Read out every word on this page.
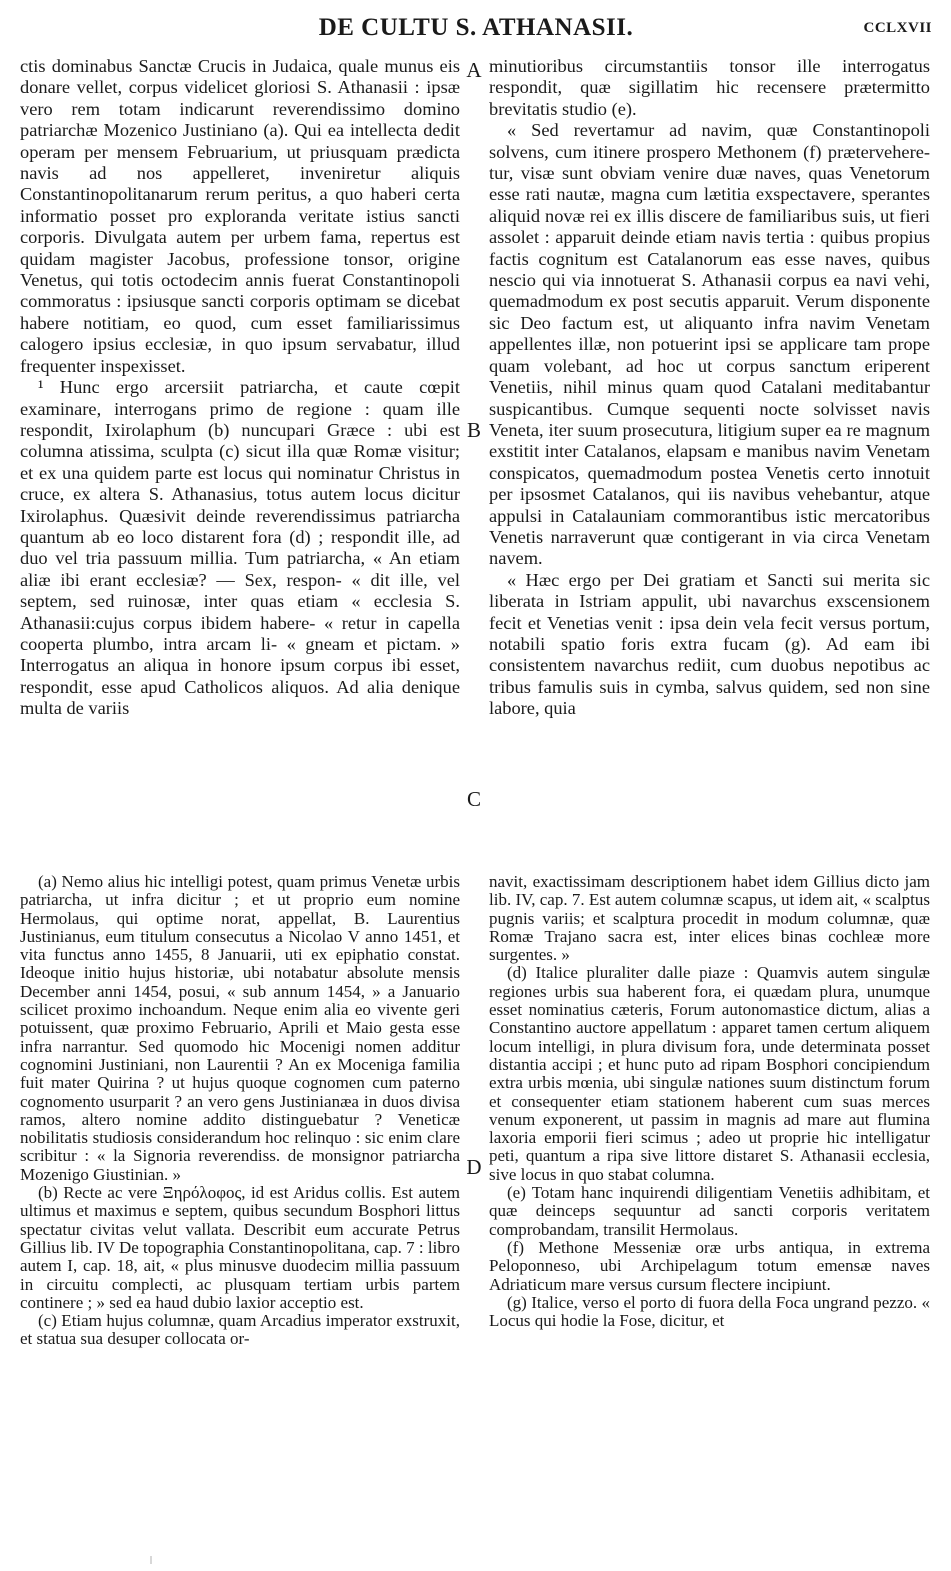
DE CULTU S. ATHANASII.	CCLXVII

ctis dominabus Sanctæ Crucis in Judaica, quale munus eis donare vellet, corpus videlicet gloriosi S. Athanasii : ipsæ vero rem totam indicarunt reverendissimo domino patriarchæ Mozenico Justiniano (a). Qui ea intellecta dedit operam per mensem Februarium, ut priusquam prædicta navis ad nos appelleret, inveniretur aliquis Constantinopolitanarum rerum peritus, a quo haberi certa informatio posset pro exploranda veritate istius sancti corporis. Divulgata autem per urbem fama, repertus est quidam magister Jacobus, professione tonsor, origine Venetus, qui totis octodecim annis fuerat Constantinopoli commoratus : ipsiusque sancti corporis optimam se dicebat habere notitiam, eo quod, cum esset familiarissimus calogero ipsius ecclesiæ, in quo ipsum servabatur, illud frequenter inspexisset.

¹ Hunc ergo arcersiit patriarcha, et caute cœpit examinare, interrogans primo de regione : quam ille respondit, Ixirolaphum (b) nuncupari Græce : ubi est columna atissima, sculpta (c) sicut illa quæ Romæ visitur; et ex una quidem parte est locus qui nominatur Christus in cruce, ex altera S. Athanasius, totus autem locus dicitur Ixirolaphus. Quæsivit deinde reverendissimus patriarcha quantum ab eo loco distarent fora (d) ; respondit ille, ad duo vel tria passuum millia. Tum patriarcha, « An etiam aliæ ibi erant ecclesiæ? — Sex, respon- « dit ille, vel septem, sed ruinosæ, inter quas etiam « ecclesia S. Athanasii:cujus corpus ibidem habere- « retur in capella cooperta plumbo, intra arcam li- « gneam et pictam. » Interrogatus an aliqua in honore ipsum corpus ibi esset, respondit, esse apud Catholicos aliquos. Ad alia denique multa de variis

minutioribus circumstantiis tonsor ille interrogatus respondit, quæ sigillatim hic recensere prætermitto brevitatis studio (e).

« Sed revertamur ad navim, quæ Constantinopoli solvens, cum itinere prospero Methonem (f) præterveheretur, visæ sunt obviam venire duæ naves, quas Venetorum esse rati nautæ, magna cum lætitia exspectavere, sperantes aliquid novæ rei ex illis discere de familiaribus suis, ut fieri assolet : apparuit deinde etiam navis tertia : quibus propius factis cognitum est Catalanorum eas esse naves, quibus nescio qui via innotuerat S. Athanasii corpus ea navi vehi, quemadmodum ex post secutis apparuit. Verum disponente sic Deo factum est, ut aliquanto infra navim Venetam appellentes illæ, non potuerint ipsi se applicare tam prope quam volebant, ad hoc ut corpus sanctum eriperent Venetiis, nihil minus quam quod Catalani meditabantur suspicantibus. Cumque sequenti nocte solvisset navis Veneta, iter suum prosecutura, litigium super ea re magnum exstitit inter Catalanos, elapsam e manibus navim Venetam conspicatos, quemadmodum postea Venetis certo innotuit per ipsosmet Catalanos, qui iis navibus vehebantur, atque appulsi in Catalauniam commorantibus istic mercatoribus Venetis narraverunt quæ contigerant in via circa Venetam navem.

« Hæc ergo per Dei gratiam et Sancti sui merita sic liberata in Istriam appulit, ubi navarchus exscensionem fecit et Venetias venit : ipsa dein vela fecit versus portum, notabili spatio foris extra fucam (g). Ad eam ibi consistentem navarchus rediit, cum duobus nepotibus ac tribus famulis suis in cymba, salvus quidem, sed non sine labore, quia

A
B
C
D

(a) Nemo alius hic intelligi potest, quam primus Venetæ urbis patriarcha, ut infra dicitur ; et ut proprio eum nomine Hermolaus, qui optime norat, appellat, B. Laurentius Justinianus, eum titulum consecutus a Nicolao V anno 1451, et vita functus anno 1455, 8 Januarii, uti ex epiphatio constat. Ideoque initio hujus historiæ, ubi notabatur absolute mensis December anni 1454, posui, « sub annum 1454, » a Januario scilicet proximo inchoandum. Neque enim alia eo vivente geri potuissent, quæ proximo Februario, Aprili et Maio gesta esse infra narrantur. Sed quomodo hic Mocenigi nomen additur cognomini Justiniani, non Laurentii ? An ex Moceniga familia fuit mater Quirina ? ut hujus quoque cognomen cum paterno cognomento usurparit ? an vero gens Justinianæa in duos divisa ramos, altero nomine addito distinguebatur ? Veneticæ nobilitatis studiosis considerandum hoc relinquo : sic enim clare scribitur : « la Signoria reverendiss. de monsignor patriarcha Mozenigo Giustinian. »

(b) Recte ac vere Ξηρόλοφος, id est Aridus collis. Est autem ultimus et maximus e septem, quibus secundum Bosphori littus spectatur civitas velut vallata. Describit eum accurate Petrus Gillius lib. IV De topographia Constantinopolitana, cap. 7 : libro autem I, cap. 18, ait, « plus minusve duodecim millia passuum in circuitu complecti, ac plusquam tertiam urbis partem continere ; » sed ea haud dubio laxior acceptio est.

(c) Etiam hujus columnæ, quam Arcadius imperator exstruxit, et statua sua desuper collocata or-

navit, exactissimam descriptionem habet idem Gillius dicto jam lib. IV, cap. 7. Est autem columnæ scapus, ut idem ait, « scalptus pugnis variis; et scalptura procedit in modum columnæ, quæ Romæ Trajano sacra est, inter elices binas cochleæ more surgentes. »

(d) Italice pluraliter dalle piaze : Quamvis autem singulæ regiones urbis sua haberent fora, ei quædam plura, unumque esset nominatius cæteris, Forum autonomastice dictum, alias a Constantino auctore appellatum : apparet tamen certum aliquem locum intelligi, in plura divisum fora, unde determinata posset distantia accipi ; et hunc puto ad ripam Bosphori concipiendum extra urbis mœnia, ubi singulæ nationes suum distinctum forum et consequenter etiam stationem haberent cum suas merces venum exponerent, ut passim in magnis ad mare aut flumina laxoria emporii fieri scimus ; adeo ut proprie hic intelligatur peti, quantum a ripa sive littore distaret S. Athanasii ecclesia, sive locus in quo stabat columna.

(e) Totam hanc inquirendi diligentiam Venetiis adhibitam, et quæ deinceps sequuntur ad sancti corporis veritatem comprobandam, transilit Hermolaus.

(f) Methone Messeniæ oræ urbs antiqua, in extrema Peloponneso, ubi Archipelagum totum emensæ naves Adriaticum mare versus cursum flectere incipiunt.

(g) Italice, verso el porto di fuora della Foca ungrand pezzo. « Locus qui hodie la Fose, dicitur, et
